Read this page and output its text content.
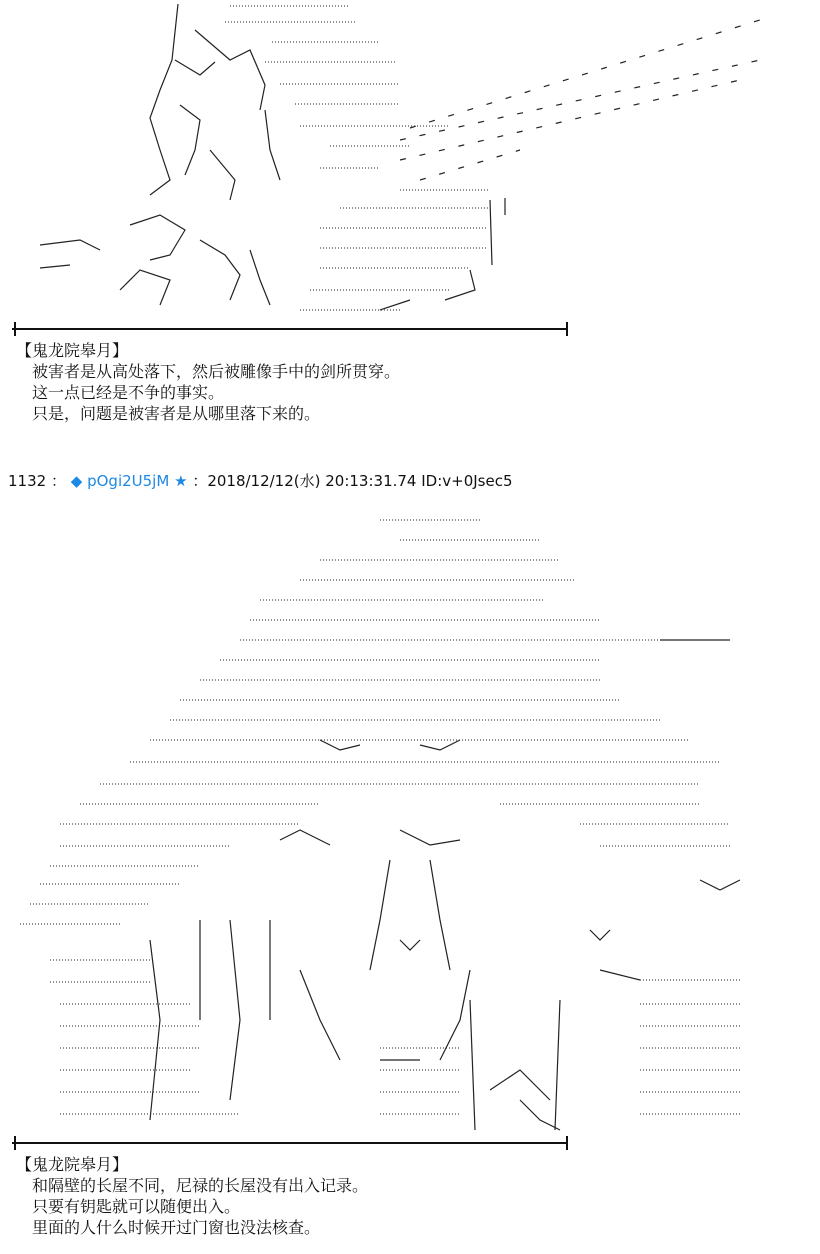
【鬼龙院皋月】

被害者是从高处落下，然后被雕像手中的剑所贯穿。

这一点已经是不争的事实。

只是，问题是被害者是从哪里落下来的。

1132 ： ◆ pOgi2U5jM ★ ：2018/12/12(水) 20:13:31.74 ID:v+0Jsec5

【鬼龙院皋月】

和隔壁的长屋不同，尼禄的长屋没有出入记录。

只要有钥匙就可以随便出入。

里面的人什么时候开过门窗也没法核查。
